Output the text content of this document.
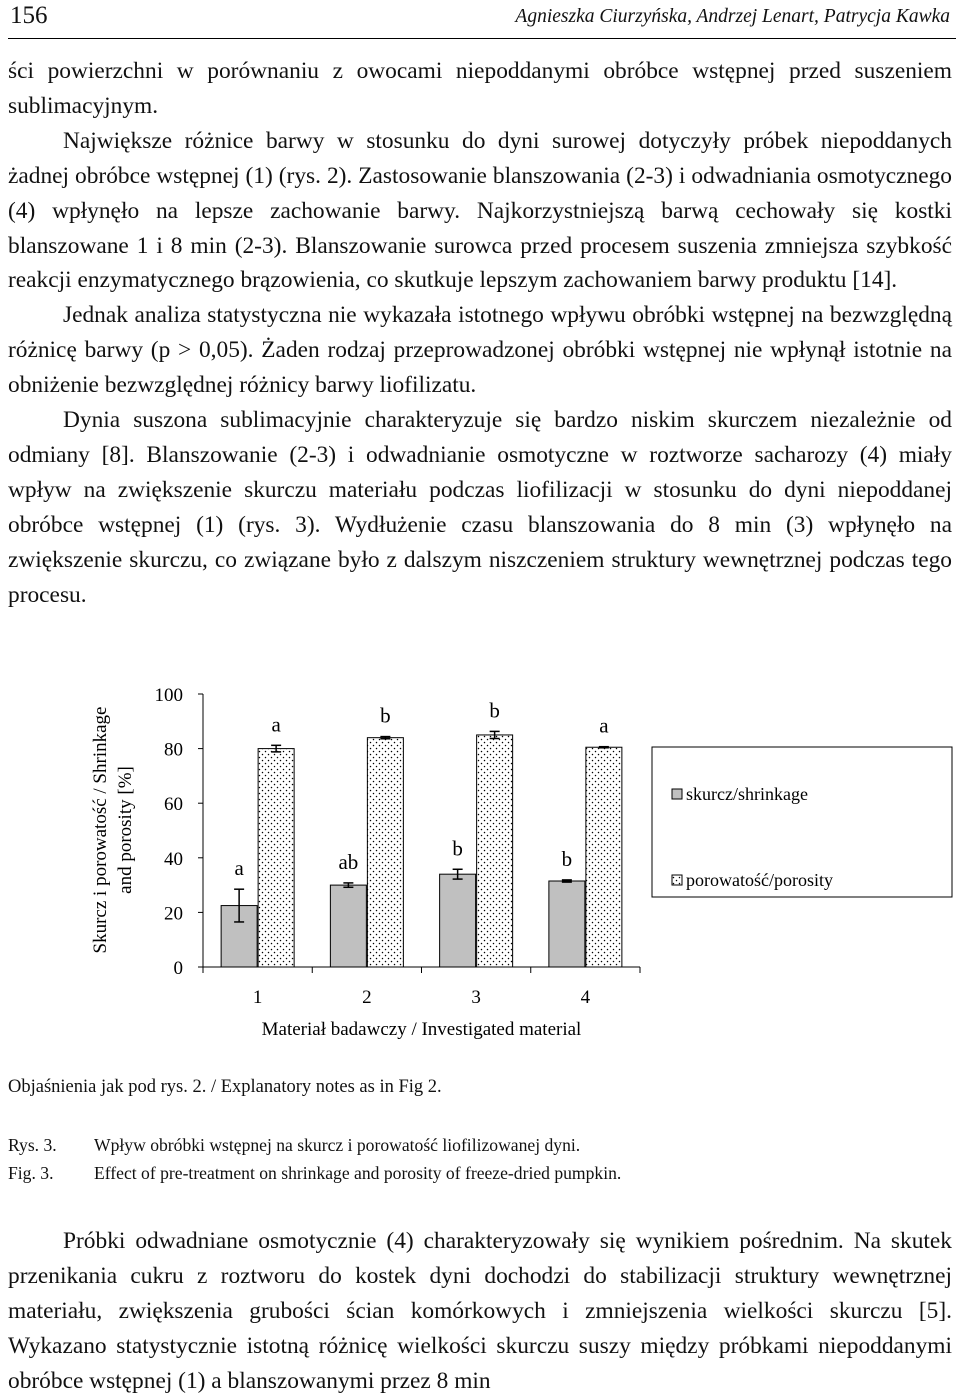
156	Agnieszka Ciurzyńska, Andrzej Lenart, Patrycja Kawka

ści powierzchni w porównaniu z owocami niepoddanymi obróbce wstępnej przed suszeniem sublimacyjnym.

Największe różnice barwy w stosunku do dyni surowej dotyczyły próbek niepoddanych żadnej obróbce wstępnej (1) (rys. 2). Zastosowanie blanszowania (2-3) i odwadniania osmotycznego (4) wpłynęło na lepsze zachowanie barwy. Najkorzystniejszą barwą cechowały się kostki blanszowane 1 i 8 min (2-3). Blanszowanie surowca przed procesem suszenia zmniejsza szybkość reakcji enzymatycznego brązowienia, co skutkuje lepszym zachowaniem barwy produktu [14].

Jednak analiza statystyczna nie wykazała istotnego wpływu obróbki wstępnej na bezwzględną różnicę barwy (p > 0,05). Żaden rodzaj przeprowadzonej obróbki wstępnej nie wpłynął istotnie na obniżenie bezwzględnej różnicy barwy liofilizatu.

Dynia suszona sublimacyjnie charakteryzuje się bardzo niskim skurczem niezależnie od odmiany [8]. Blanszowanie (2-3) i odwadnianie osmotyczne w roztworze sacharozy (4) miały wpływ na zwiększenie skurczu materiału podczas liofilizacji w stosunku do dyni niepoddanej obróbce wstępnej (1) (rys. 3). Wydłużenie czasu blanszowania do 8 min (3) wpłynęło na zwiększenie skurczu, co związane było z dalszym niszczeniem struktury wewnętrznej podczas tego procesu.

0
20
40
60
80
100
Skurcz i porowatość / Shrinkage and porosity [%]
1	2	3	4
Materiał badawczy / Investigated material
a
a
ab
b
b
b
b
a
skurcz/shrinkage
porowatość/porosity
Objaśnienia jak pod rys. 2. / Explanatory notes as in Fig 2.
Rys. 3. Wpływ obróbki wstępnej na skurcz i porowatość liofilizowanej dyni.
Fig. 3. Effect of pre-treatment on shrinkage and porosity of freeze-dried pumpkin.

Próbki odwadniane osmotycznie (4) charakteryzowały się wynikiem pośrednim. Na skutek przenikania cukru z roztworu do kostek dyni dochodzi do stabilizacji struktury wewnętrznej materiału, zwiększenia grubości ścian komórkowych i zmniejszenia wielkości skurczu [5]. Wykazano statystycznie istotną różnicę wielkości skurczu suszy między próbkami niepoddanymi obróbce wstępnej (1) a blanszowanymi przez 8 min
